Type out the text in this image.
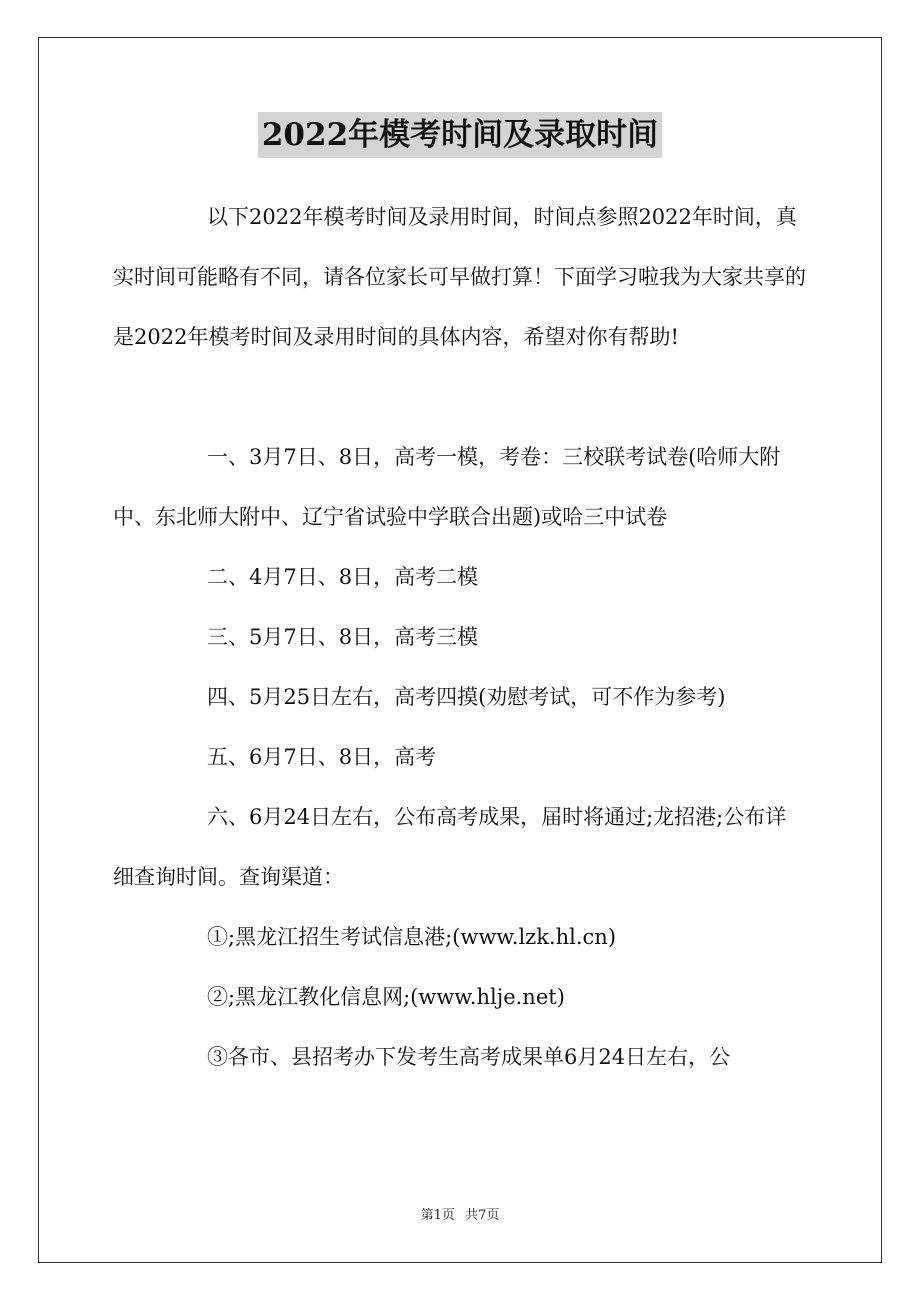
2022年模考时间及录取时间

以下2022年模考时间及录用时间，时间点参照2022年时间，真实时间可能略有不同，请各位家长可早做打算！下面学习啦我为大家共享的是2022年模考时间及录用时间的具体内容，希望对你有帮助!

一、3月7日、8日，高考一模，考卷：三校联考试卷(哈师大附中、东北师大附中、辽宁省试验中学联合出题)或哈三中试卷

二、4月7日、8日，高考二模

三、5月7日、8日，高考三模

四、5月25日左右，高考四摸(劝慰考试，可不作为参考)

五、6月7日、8日，高考

六、6月24日左右，公布高考成果，届时将通过;龙招港;公布详细查询时间。查询渠道：

①;黑龙江招生考试信息港;(www.lzk.hl.cn)

②;黑龙江教化信息网;(www.hlje.net)

③各市、县招考办下发考生高考成果单6月24日左右，公

第1页 共7页
